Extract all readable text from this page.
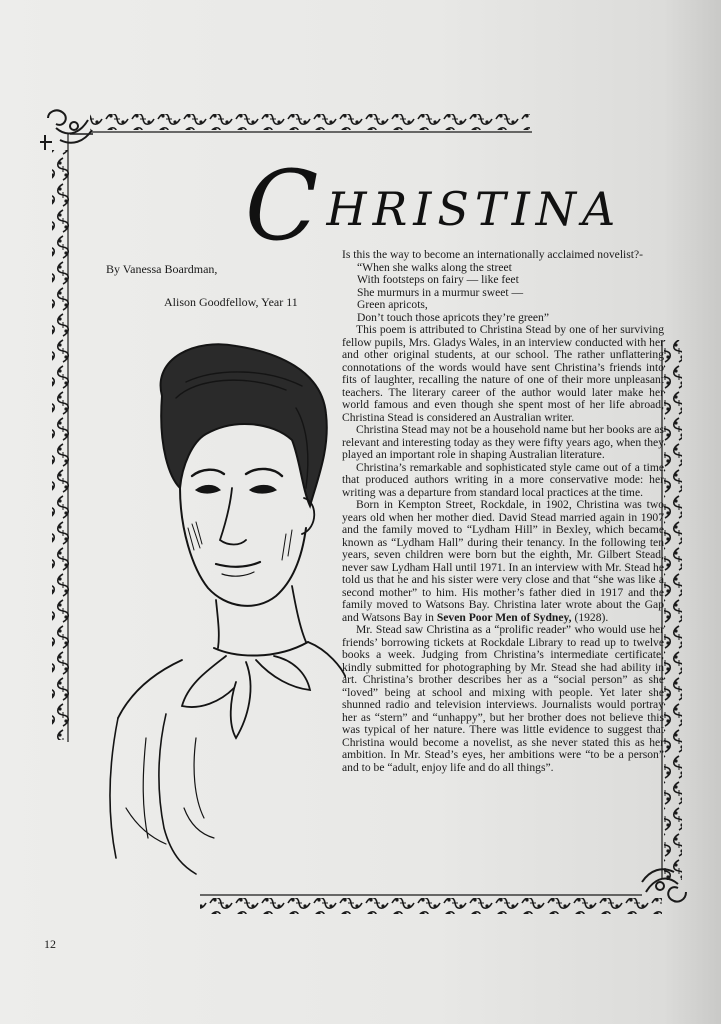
CHRISTINA
By Vanessa Boardman,
Alison Goodfellow, Year 11
Is this the way to become an internationally acclaimed novelist?-
“When she walks along the street
With footsteps on fairy — like feet
She murmurs in a murmur sweet —
Green apricots,
Don’t touch those apricots they’re green”

This poem is attributed to Christina Stead by one of her surviving fellow pupils, Mrs. Gladys Wales, in an interview conducted with her and other original students, at our school. The rather unflattering connotations of the words would have sent Christina’s friends into fits of laughter, recalling the nature of one of their more unpleasant teachers. The literary career of the author would later make her world famous and even though she spent most of her life abroad, Christina Stead is considered an Australian writer.

Christina Stead may not be a household name but her books are as relevant and interesting today as they were fifty years ago, when they played an important role in shaping Australian literature.

Christina’s remarkable and sophisticated style came out of a time that produced authors writing in a more conservative mode: her writing was a departure from standard local practices at the time.

Born in Kempton Street, Rockdale, in 1902, Christina was two years old when her mother died. David Stead married again in 1907 and the family moved to “Lydham Hill” in Bexley, which became known as “Lydham Hall” during their tenancy. In the following ten years, seven children were born but the eighth, Mr. Gilbert Stead, never saw Lydham Hall until 1971. In an interview with Mr. Stead he told us that he and his sister were very close and that “she was like a second mother” to him. His mother’s father died in 1917 and the family moved to Watsons Bay. Christina later wrote about the Gap and Watsons Bay in Seven Poor Men of Sydney, (1928).

Mr. Stead saw Christina as a “prolific reader” who would use her friends’ borrowing tickets at Rockdale Library to read up to twelve books a week. Judging from Christina’s intermediate certificate, kindly submitted for photographing by Mr. Stead she had ability in art. Christina’s brother describes her as a “social person” as she “loved” being at school and mixing with people. Yet later she shunned radio and television interviews. Journalists would portray her as “stern” and “unhappy”, but her brother does not believe this was typical of her nature. There was little evidence to suggest that Christina would become a novelist, as she never stated this as her ambition. In Mr. Stead’s eyes, her ambitions were “to be a person” and to be “adult, enjoy life and do all things”.

12
